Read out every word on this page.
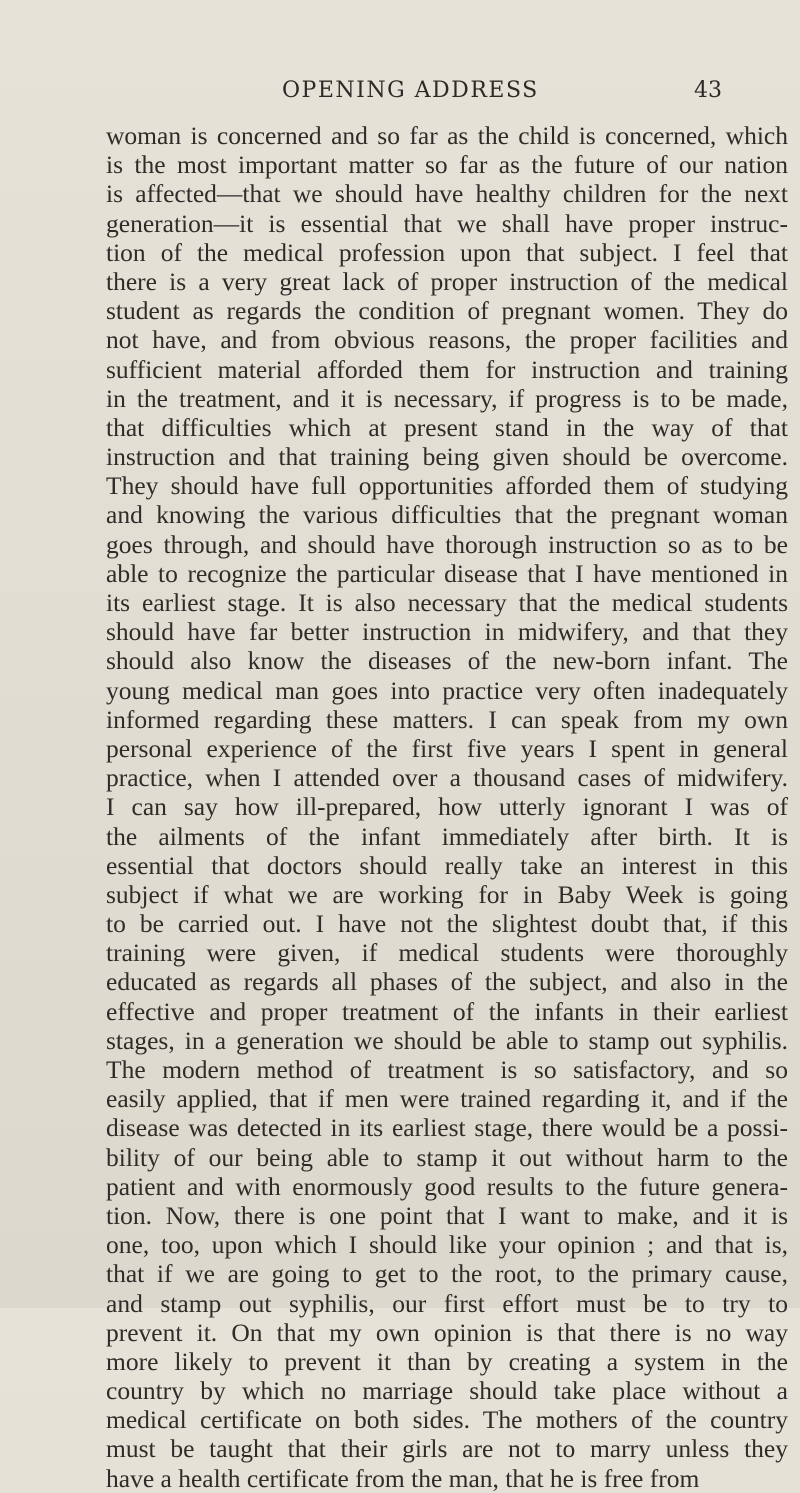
OPENING ADDRESS	43
woman is concerned and so far as the child is concerned, which
is the most important matter so far as the future of our nation
is affected—that we should have healthy children for the next
generation—it is essential that we shall have proper instruc-
tion of the medical profession upon that subject. I feel that
there is a very great lack of proper instruction of the medical
student as regards the condition of pregnant women. They do
not have, and from obvious reasons, the proper facilities and
sufficient material afforded them for instruction and training
in the treatment, and it is necessary, if progress is to be made,
that difficulties which at present stand in the way of that
instruction and that training being given should be overcome.
They should have full opportunities afforded them of studying
and knowing the various difficulties that the pregnant woman
goes through, and should have thorough instruction so as to be
able to recognize the particular disease that I have mentioned in
its earliest stage. It is also necessary that the medical students
should have far better instruction in midwifery, and that they
should also know the diseases of the new-born infant. The
young medical man goes into practice very often inadequately
informed regarding these matters. I can speak from my own
personal experience of the first five years I spent in general
practice, when I attended over a thousand cases of midwifery.
I can say how ill-prepared, how utterly ignorant I was of
the ailments of the infant immediately after birth. It is
essential that doctors should really take an interest in this
subject if what we are working for in Baby Week is going
to be carried out. I have not the slightest doubt that, if this
training were given, if medical students were thoroughly
educated as regards all phases of the subject, and also in the
effective and proper treatment of the infants in their earliest
stages, in a generation we should be able to stamp out syphilis.
The modern method of treatment is so satisfactory, and so
easily applied, that if men were trained regarding it, and if the
disease was detected in its earliest stage, there would be a possi-
bility of our being able to stamp it out without harm to the
patient and with enormously good results to the future genera-
tion. Now, there is one point that I want to make, and it is
one, too, upon which I should like your opinion ; and that is,
that if we are going to get to the root, to the primary cause,
and stamp out syphilis, our first effort must be to try to
prevent it. On that my own opinion is that there is no way
more likely to prevent it than by creating a system in the
country by which no marriage should take place without a
medical certificate on both sides. The mothers of the country
must be taught that their girls are not to marry unless they
have a health certificate from the man, that he is free from
